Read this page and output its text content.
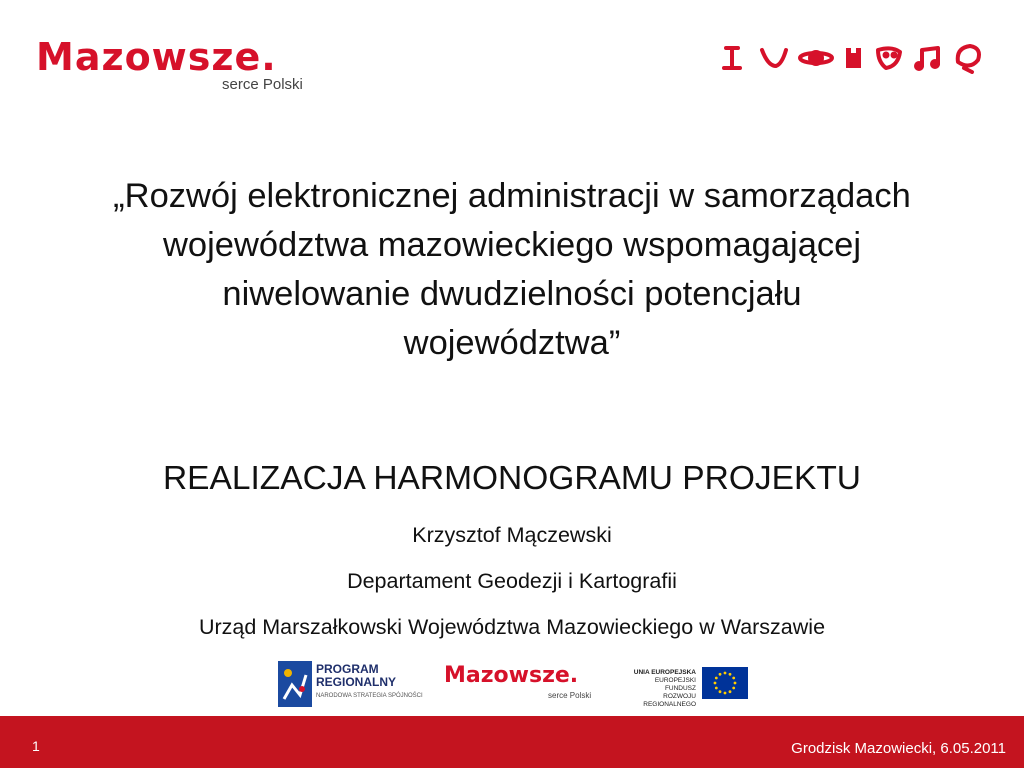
Mazowsze.
serce Polski
„Rozwój elektronicznej administracji w samorządach
województwa mazowieckiego wspomagającej
niwelowanie dwudzielności potencjału
województwa”
REALIZACJA HARMONOGRAMU PROJEKTU
Krzysztof Mączewski
Departament Geodezji i Kartografii
Urząd Marszałkowski Województwa Mazowieckiego w Warszawie
PROGRAM
REGIONALNY
NARODOWA STRATEGIA SPÓJNOŚCI
Mazowsze.
serce Polski
UNIA EUROPEJSKA
EUROPEJSKI FUNDUSZ
ROZWOJU REGIONALNEGO
1	Grodzisk Mazowiecki, 6.05.2011
